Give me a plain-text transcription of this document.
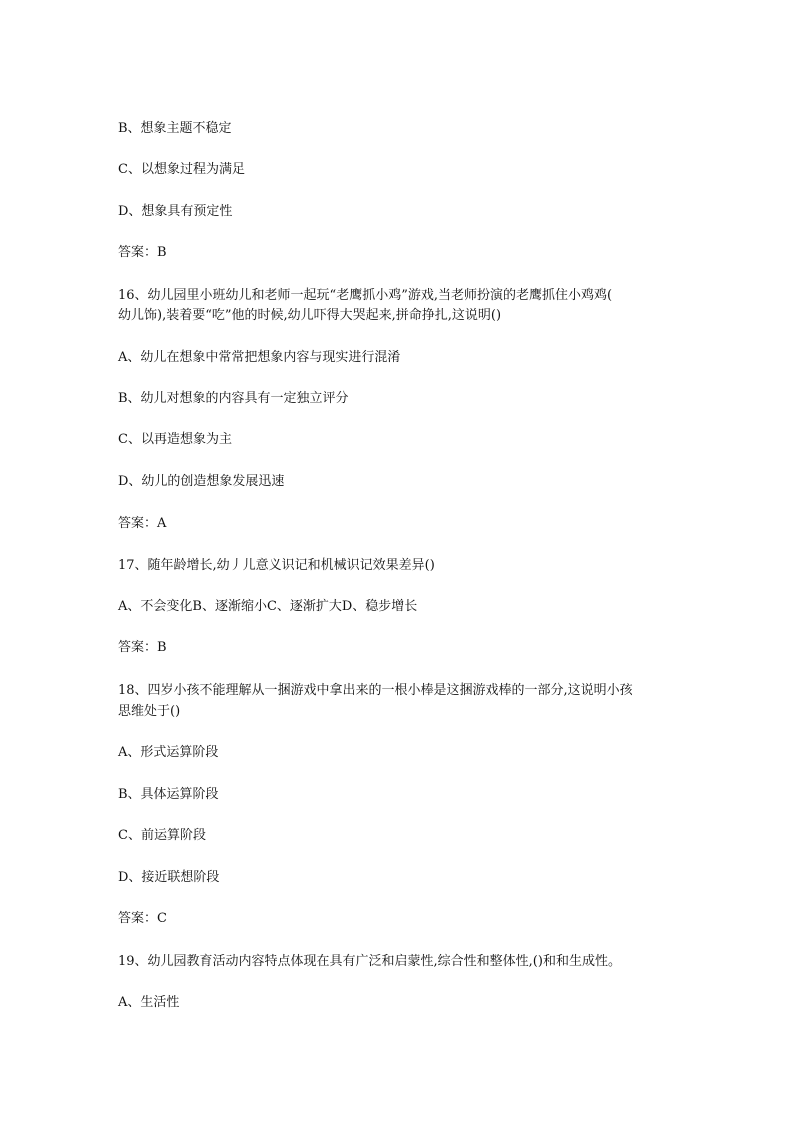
B、想象主题不稳定
C、以想象过程为满足
D、想象具有预定性
答案：B
16、幼儿园里小班幼儿和老师一起玩“老鹰抓小鸡”游戏,当老师扮演的老鹰抓住小鸡鸡(
幼儿饰),装着要“吃”他的时候,幼儿吓得大哭起来,拼命挣扎,这说明()
A、幼儿在想象中常常把想象内容与现实进行混淆
B、幼儿对想象的内容具有一定独立评分
C、以再造想象为主
D、幼儿的创造想象发展迅速
答案：A
17、随年龄增长,幼丿儿意义识记和机械识记效果差异()
A、不会变化B、逐渐缩小C、逐渐扩大D、稳步增长
答案：B
18、四岁小孩不能理解从一捆游戏中拿出来的一根小棒是这捆游戏棒的一部分,这说明小孩
思维处于()
A、形式运算阶段
B、具体运算阶段
C、前运算阶段
D、接近联想阶段
答案：C
19、幼儿园教育活动内容特点体现在具有广泛和启蒙性,综合性和整体性,()和和生成性。
A、生活性
